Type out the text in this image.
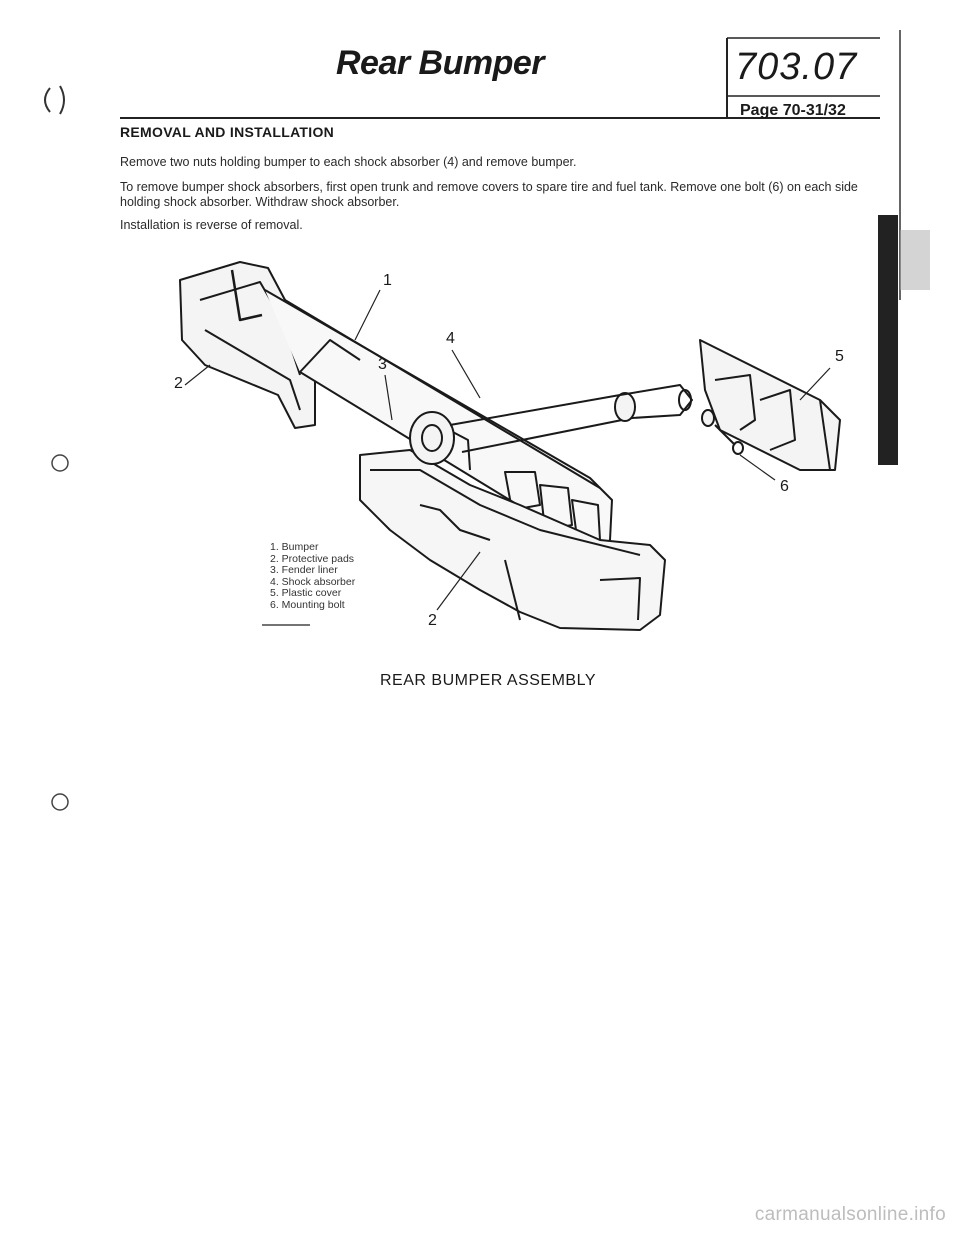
Rear Bumper	703.07
Page 70-31/32
REMOVAL AND INSTALLATION
Remove two nuts holding bumper to each shock absorber (4) and remove bumper.
To remove bumper shock absorbers, first open trunk and remove covers to spare tire and fuel tank. Remove one bolt (6) on each side holding shock absorber. Withdraw shock absorber.
Installation is reverse of removal.
1
2
3
4
5
6
2
1. Bumper
2. Protective pads
3. Fender liner
4. Shock absorber
5. Plastic cover
6. Mounting bolt
REAR BUMPER ASSEMBLY
carmanualsonline.info
